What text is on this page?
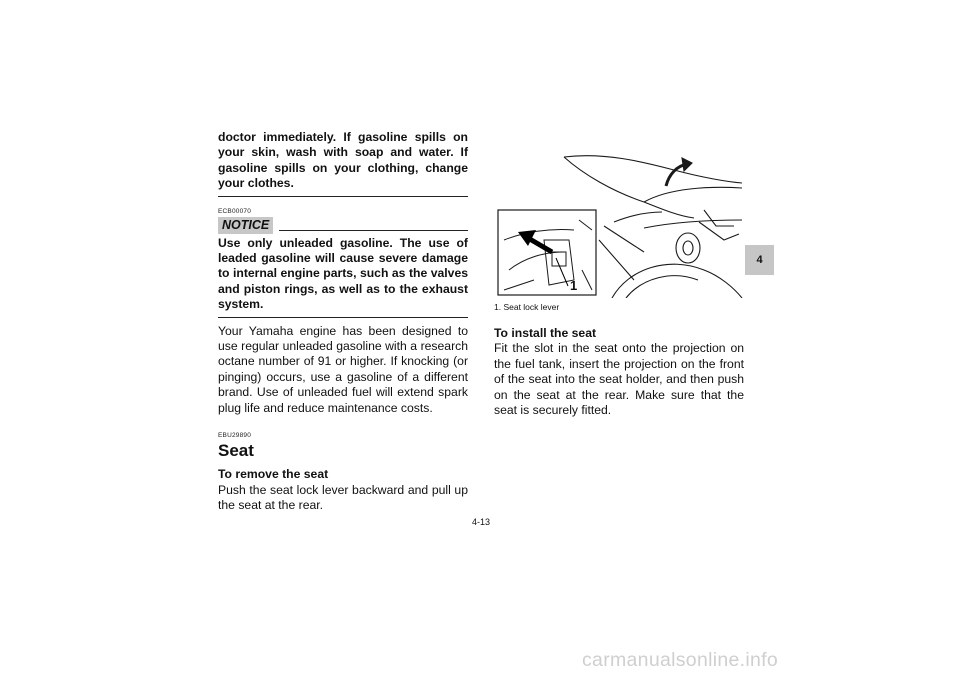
doctor immediately. If gasoline spills on your skin, wash with soap and water. If gasoline spills on your clothing, change your clothes.
ECB00070
NOTICE
Use only unleaded gasoline. The use of leaded gasoline will cause severe damage to internal engine parts, such as the valves and piston rings, as well as to the exhaust system.
Your Yamaha engine has been designed to use regular unleaded gasoline with a research octane number of 91 or higher. If knocking (or pinging) occurs, use a gasoline of a different brand. Use of unleaded fuel will extend spark plug life and reduce maintenance costs.
EBU29890
Seat
To remove the seat
Push the seat lock lever backward and pull up the seat at the rear.
1
1. Seat lock lever
To install the seat
Fit the slot in the seat onto the projection on the fuel tank, insert the projection on the front of the seat into the seat holder, and then push on the seat at the rear. Make sure that the seat is securely fitted.
4
4-13
carmanualsonline.info
